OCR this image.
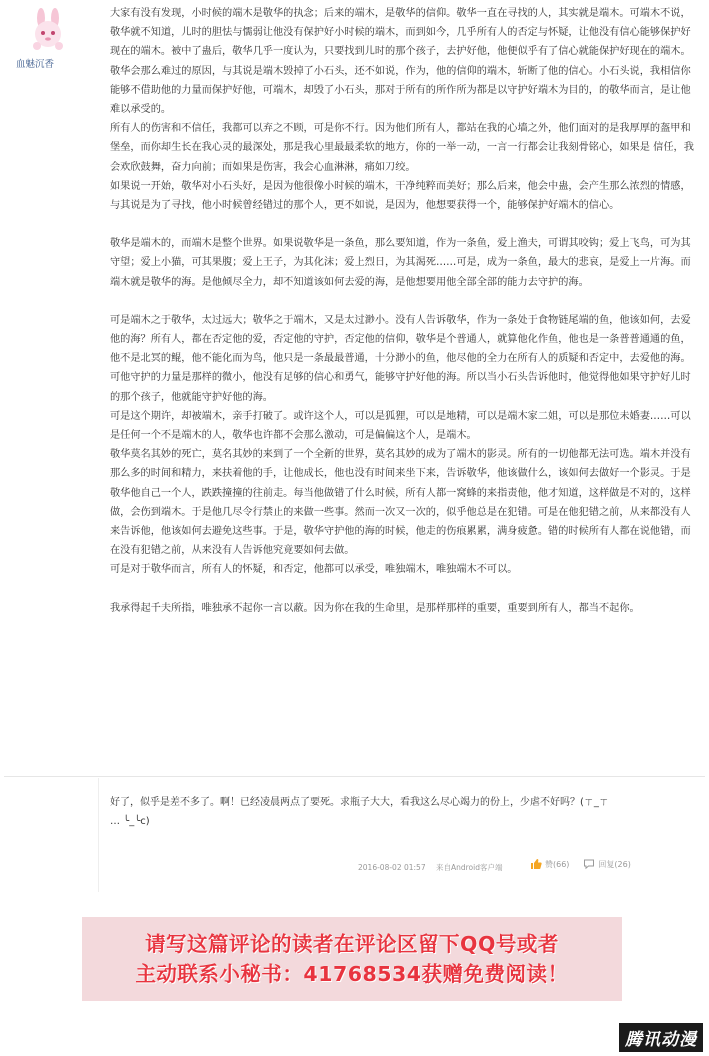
血魅沉香

大家有没有发现，小时候的端木是敬华的执念；后来的端木，是敬华的信仰。敬华一直在寻找的人，其实就是端木。可端木不说，敬华就不知道，儿时的胆怯与懦弱让他没有保护好小时候的端木，而到如今，几乎所有人的否定与怀疑，让他没有信心能够保护好现在的端木。被中了蛊后，敬华几乎一度认为，只要找到儿时的那个孩子，去护好他，他便似乎有了信心就能保护好现在的端木。敬华会那么难过的原因，与其说是端木毁掉了小石头，还不如说，作为，他的信仰的端木，斩断了他的信心。小石头说，我相信你能够不借助他的力量而保护好他，可端木，却毁了小石头，那对于所有的所作所为都是以守护好端木为目的，的敬华而言，是让他难以承受的。

所有人的伤害和不信任，我都可以弃之不顾，可是你不行。因为他们所有人，都站在我的心墙之外，他们面对的是我厚厚的盔甲和堡垒，而你却生长在我心灵的最深处，那是我心里最最柔软的地方，你的一举一动，一言一行都会让我刻骨铭心，如果是 信任，我会欢欣鼓舞，奋力向前；而如果是伤害，我会心血淋淋，痛如刀绞。

如果说一开始，敬华对小石头好，是因为他很像小时候的端木，干净纯粹而美好；那么后来，他会中蛊，会产生那么浓烈的情感，与其说是为了寻找，他小时候曾经错过的那个人，更不如说，是因为，他想要获得一个，能够保护好端木的信心。

敬华是端木的，而端木是整个世界。如果说敬华是一条鱼，那么要知道，作为一条鱼，爱上渔夫，可谓其咬钩；爱上飞鸟，可为其守望；爱上小猫，可其果腹；爱上王子，为其化沫；爱上烈日，为其渴死……可是，成为一条鱼，最大的悲哀，是爱上一片海。而端木就是敬华的海。是他倾尽全力，却不知道该如何去爱的海，是他想要用他全部全部的能力去守护的海。

可是端木之于敬华，太过远大；敬华之于端木，又是太过渺小。没有人告诉敬华，作为一条处于食物链尾端的鱼，他该如何，去爱他的海？所有人，都在否定他的爱，否定他的守护，否定他的信仰，敬华是个普通人，就算他化作鱼，他也是一条普普通通的鱼，他不是北冥的鲲，他不能化而为鸟，他只是一条最最普通，十分渺小的鱼，他尽他的全力在所有人的质疑和否定中，去爱他的海。可他守护的力量是那样的微小，他没有足够的信心和勇气，能够守护好他的海。所以当小石头告诉他时，他觉得他如果守护好儿时的那个孩子，他就能守护好他的海。

可是这个期许，却被端木，亲手打破了。或许这个人，可以是狐狸，可以是地精，可以是端木家二姐，可以是那位未婚妻……可以是任何一个不是端木的人，敬华也许都不会那么激动，可是偏偏这个人，是端木。

敬华莫名其妙的死亡，莫名其妙的来到了一个全新的世界，莫名其妙的成为了端木的影灵。所有的一切他都无法可选。端木并没有那么多的时间和精力，来扶着他的手，让他成长，他也没有时间来坐下来，告诉敬华，他该做什么，该如何去做好一个影灵。于是敬华他自己一个人，跌跌撞撞的往前走。每当他做错了什么时候，所有人都一窝蜂的来指责他，他才知道，这样做是不对的，这样做，会伤到端木。于是他几尽令行禁止的来做一些事。然而一次又一次的，似乎他总是在犯错。可是在他犯错之前，从来都没有人来告诉他，他该如何去避免这些事。于是，敬华守护他的海的时候，他走的伤痕累累，满身疲惫。错的时候所有人都在说他错，而在没有犯错之前，从来没有人告诉他究竟要如何去做。

可是对于敬华而言，所有人的怀疑，和否定，他都可以承受，唯独端木，唯独端木不可以。

我承得起千夫所指，唯独承不起你一言以蔽。因为你在我的生命里，是那样那样的重要，重要到所有人，都当不起你。

好了，似乎是差不多了。啊！已经凌晨两点了要死。求瓶子大大，看我这么尽心竭力的份上，少虐不好吗？(ㄒ_ㄒ … ╰_╰c)
2016-08-02 01:57 来自Android客户端	赞(66)	回复(26)
请写这篇评论的读者在评论区留下QQ号或者
主动联系小秘书：41768534获赠免费阅读！
腾讯动漫
